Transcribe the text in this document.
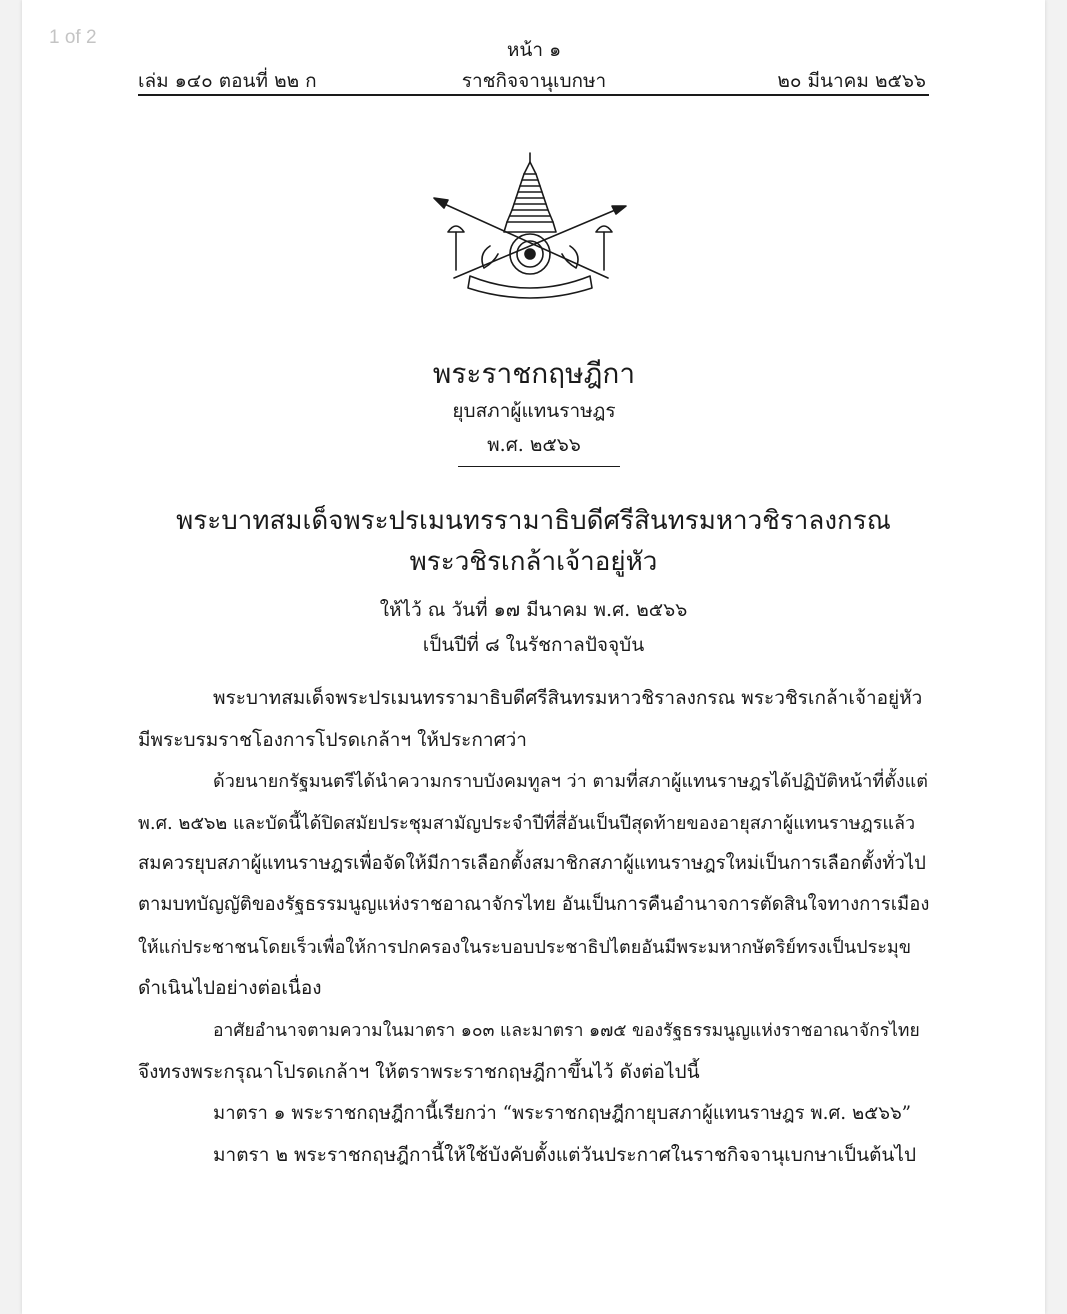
1 of 2
หน้า ๑
เล่ม ๑๔๐ ตอนที่ ๒๒ ก	ราชกิจจานุเบกษา	๒๐ มีนาคม ๒๕๖๖
พระราชกฤษฎีกา
ยุบสภาผู้แทนราษฎร
พ.ศ. ๒๕๖๖
พระบาทสมเด็จพระปรเมนทรรามาธิบดีศรีสินทรมหาวชิราลงกรณ
พระวชิรเกล้าเจ้าอยู่หัว
ให้ไว้ ณ วันที่ ๑๗ มีนาคม พ.ศ. ๒๕๖๖
เป็นปีที่ ๘ ในรัชกาลปัจจุบัน
พระบาทสมเด็จพระปรเมนทรรามาธิบดีศรีสินทรมหาวชิราลงกรณ พระวชิรเกล้าเจ้าอยู่หัว
มีพระบรมราชโองการโปรดเกล้าฯ ให้ประกาศว่า
ด้วยนายกรัฐมนตรีได้นำความกราบบังคมทูลฯ ว่า ตามที่สภาผู้แทนราษฎรได้ปฏิบัติหน้าที่ตั้งแต่
พ.ศ. ๒๕๖๒ และบัดนี้ได้ปิดสมัยประชุมสามัญประจำปีที่สี่อันเป็นปีสุดท้ายของอายุสภาผู้แทนราษฎรแล้ว
สมควรยุบสภาผู้แทนราษฎรเพื่อจัดให้มีการเลือกตั้งสมาชิกสภาผู้แทนราษฎรใหม่เป็นการเลือกตั้งทั่วไป
ตามบทบัญญัติของรัฐธรรมนูญแห่งราชอาณาจักรไทย อันเป็นการคืนอำนาจการตัดสินใจทางการเมือง
ให้แก่ประชาชนโดยเร็วเพื่อให้การปกครองในระบอบประชาธิปไตยอันมีพระมหากษัตริย์ทรงเป็นประมุข
ดำเนินไปอย่างต่อเนื่อง
อาศัยอำนาจตามความในมาตรา ๑๐๓ และมาตรา ๑๗๕ ของรัฐธรรมนูญแห่งราชอาณาจักรไทย
จึงทรงพระกรุณาโปรดเกล้าฯ ให้ตราพระราชกฤษฎีกาขึ้นไว้ ดังต่อไปนี้
มาตรา ๑ พระราชกฤษฎีกานี้เรียกว่า “พระราชกฤษฎีกายุบสภาผู้แทนราษฎร พ.ศ. ๒๕๖๖”
มาตรา ๒ พระราชกฤษฎีกานี้ให้ใช้บังคับตั้งแต่วันประกาศในราชกิจจานุเบกษาเป็นต้นไป
